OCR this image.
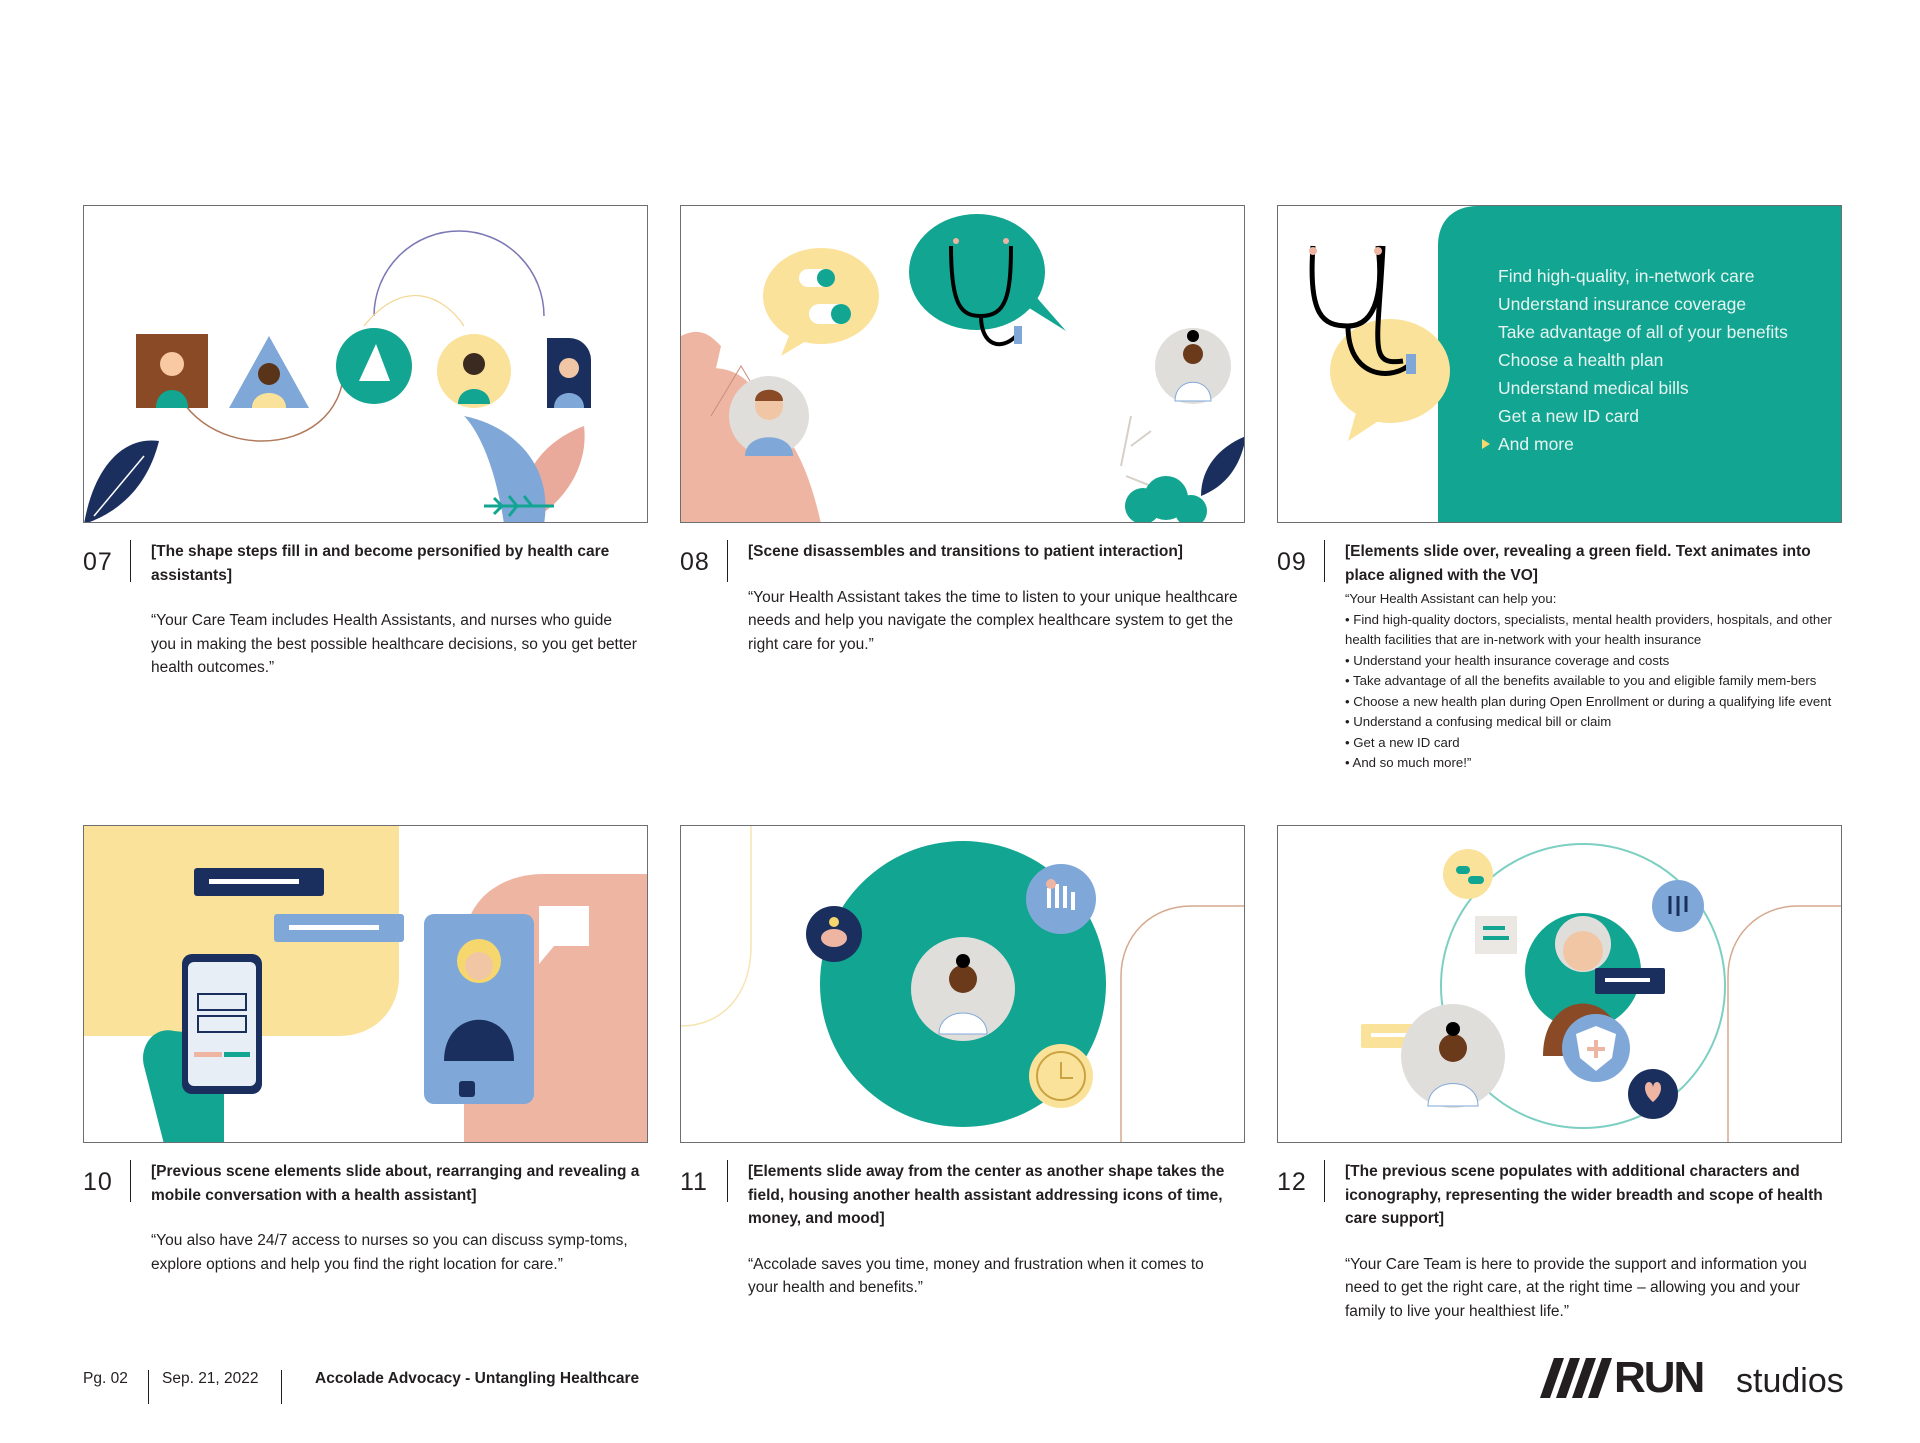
07 [The shape steps fill in and become personified by health care assistants]
“Your Care Team includes Health Assistants, and nurses who guide you in making the best possible healthcare decisions, so you get better health outcomes.”
08 [Scene disassembles and transitions to patient interaction]
“Your Health Assistant takes the time to listen to your unique healthcare needs and help you navigate the complex healthcare system to get the right care for you.”
Find high-quality, in-network care
Understand insurance coverage
Take advantage of all of your benefits
Choose a health plan
Understand medical bills
Get a new ID card
And more
09 [Elements slide over, revealing a green field. Text animates into place aligned with the VO]
“Your Health Assistant can help you:
• Find high-quality doctors, specialists, mental health providers, hospitals, and other health facilities that are in-network with your health insurance
• Understand your health insurance coverage and costs
• Take advantage of all the benefits available to you and eligible family mem-bers
• Choose a new health plan during Open Enrollment or during a qualifying life event
• Understand a confusing medical bill or claim
• Get a new ID card
• And so much more!”
10 [Previous scene elements slide about, rearranging and revealing a mobile conversation with a health assistant]
“You also have 24/7 access to nurses so you can discuss symp-toms, explore options and help you find the right location for care.”
11	[Elements slide away from the center as another shape takes the field, housing another health assistant addressing icons of time, money, and mood]
“Accolade saves you time, money and frustration when it comes to your health and benefits.”
12 [The previous scene populates with additional characters and iconography, representing the wider breadth and scope of health care support]
“Your Care Team is here to provide the support and information you need to get the right care, at the right time – allowing you and your family to live your healthiest life.”
Pg. 02 Sep. 21, 2022	Accolade Advocacy - Untangling Healthcare	RUN studios
